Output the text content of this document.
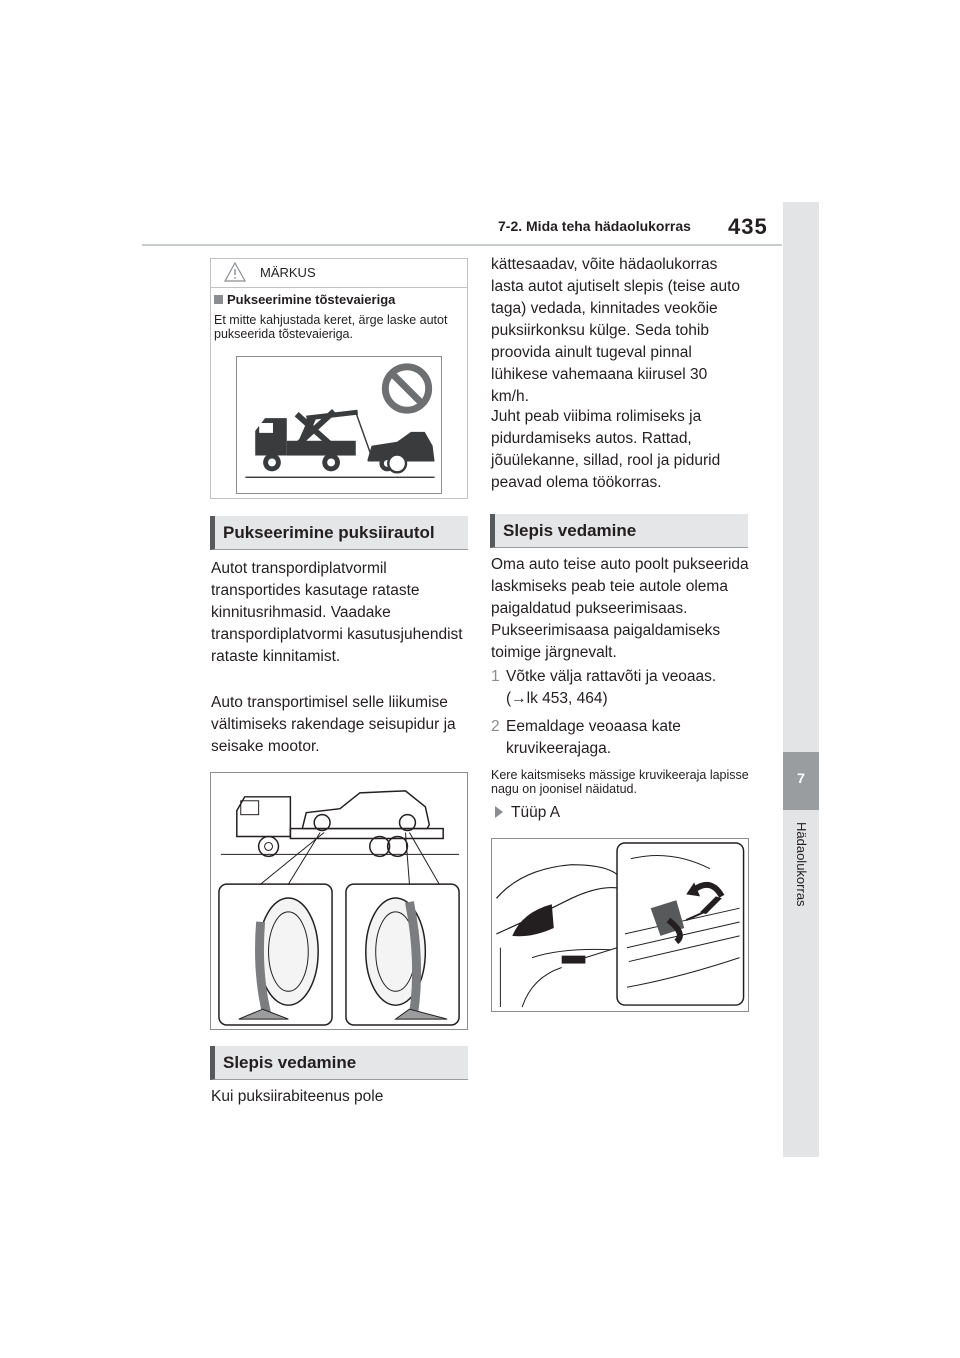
7-2. Mida teha hädaolukorras 435
7
Hädaolukorras
MÄRKUS
Pukseerimine tõstevaieriga
Et mitte kahjustada keret, ärge laske autot pukseerida tõstevaieriga.
Pukseerimine puksiirautol
Autot transpordiplatvormil transportides kasutage rataste kinnitusrihmasid. Vaadake transpordiplatvormi kasutusjuhendist rataste kinnitamist.
Auto transportimisel selle liikumise vältimiseks rakendage seisupidur ja seisake mootor.
Slepis vedamine
Kui puksiirabiteenus pole
kättesaadav, võite hädaolukorras lasta autot ajutiselt slepis (teise auto taga) vedada, kinnitades veokõie puksiirkonksu külge. Seda tohib proovida ainult tugeval pinnal lühikese vahemaana kiirusel 30 km/h.
Juht peab viibima rolimiseks ja pidurdamiseks autos. Rattad, jõuülekanne, sillad, rool ja pidurid peavad olema töökorras.
Slepis vedamine
Oma auto teise auto poolt pukseerida laskmiseks peab teie autole olema paigaldatud pukseerimisaas. Pukseerimisaasa paigaldamiseks toimige järgnevalt.
1 Võtke välja rattavõti ja veoaas.
(→lk 453, 464)
2 Eemaldage veoaasa kate kruvikeerajaga.
Kere kaitsmiseks mässige kruvikeeraja lapisse nagu on joonisel näidatud.
Tüüp A
